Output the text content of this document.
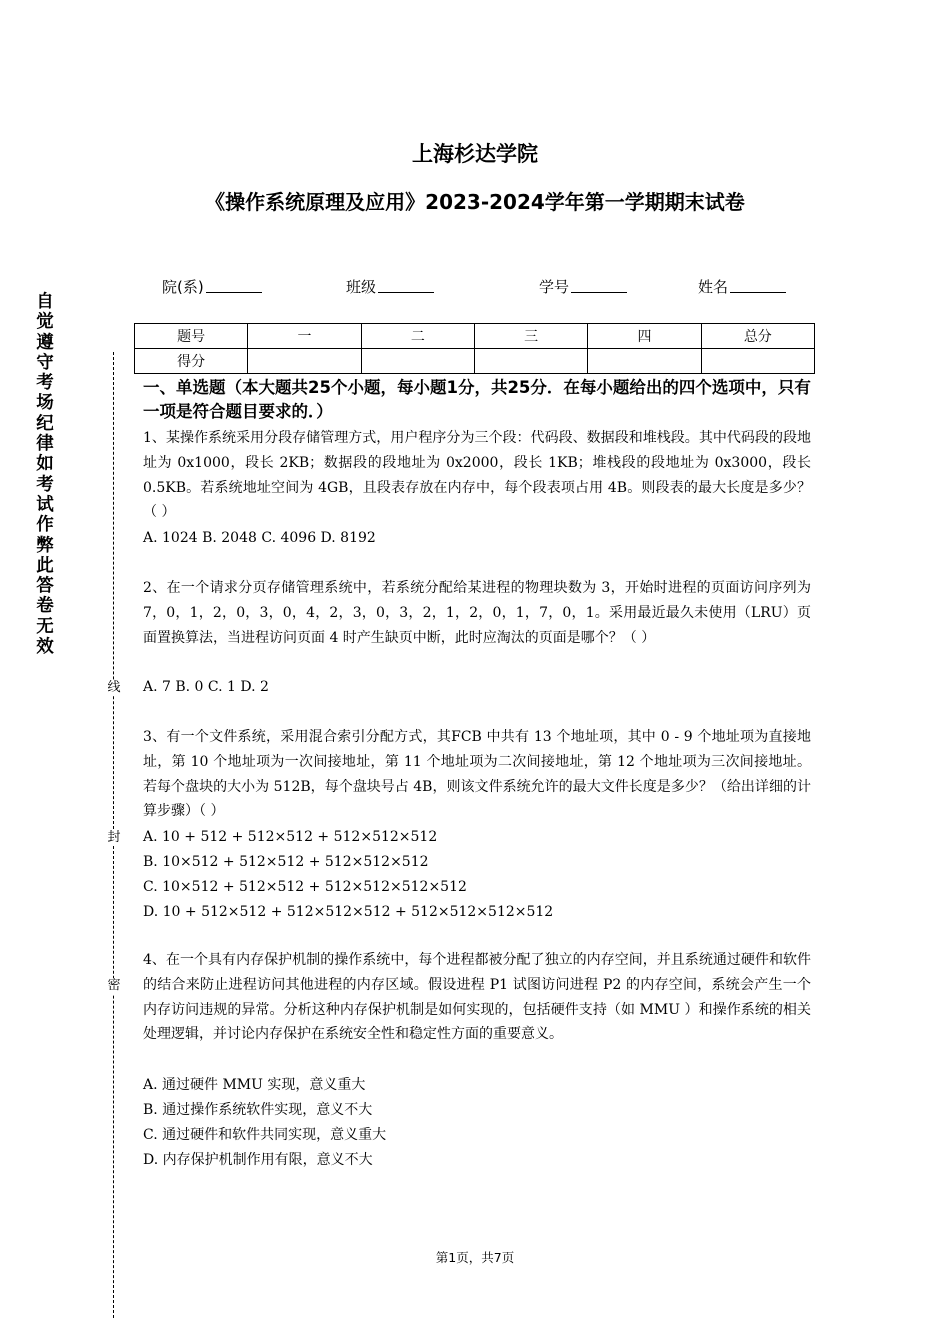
上海杉达学院
《操作系统原理及应用》2023-2024学年第一学期期末试卷
院(系)	班级	学号	姓名
题号	一	二	三	四	总分
得分					
自觉遵守考场纪律如考试作弊此答卷无效
线
封
密
一、单选题（本大题共25个小题，每小题1分，共25分．在每小题给出的四个选项中，只有一项是符合题目要求的．）
1、某操作系统采用分段存储管理方式，用户程序分为三个段：代码段、数据段和堆栈段。其中代码段的段地址为 0x1000，段长 2KB；数据段的段地址为 0x2000，段长 1KB；堆栈段的段地址为 0x3000，段长 0.5KB。若系统地址空间为 4GB，且段表存放在内存中，每个段表项占用 4B。则段表的最大长度是多少？（ ）
A. 1024 B. 2048 C. 4096 D. 8192
2、在一个请求分页存储管理系统中，若系统分配给某进程的物理块数为 3，开始时进程的页面访问序列为 7，0，1，2，0，3，0，4，2，3，0，3，2，1，2，0，1，7，0，1。采用最近最久未使用（LRU）页面置换算法，当进程访问页面 4 时产生缺页中断，此时应淘汰的页面是哪个？（ ）
A. 7 B. 0 C. 1 D. 2
3、有一个文件系统，采用混合索引分配方式，其FCB 中共有 13 个地址项，其中 0 - 9 个地址项为直接地址，第 10 个地址项为一次间接地址，第 11 个地址项为二次间接地址，第 12 个地址项为三次间接地址。若每个盘块的大小为 512B，每个盘块号占 4B，则该文件系统允许的最大文件长度是多少？（给出详细的计算步骤）（ ）
A. 10 + 512 + 512×512 + 512×512×512
B. 10×512 + 512×512 + 512×512×512
C. 10×512 + 512×512 + 512×512×512×512
D. 10 + 512×512 + 512×512×512 + 512×512×512×512
4、在一个具有内存保护机制的操作系统中，每个进程都被分配了独立的内存空间，并且系统通过硬件和软件的结合来防止进程访问其他进程的内存区域。假设进程 P1 试图访问进程 P2 的内存空间，系统会产生一个内存访问违规的异常。分析这种内存保护机制是如何实现的，包括硬件支持（如 MMU ）和操作系统的相关处理逻辑，并讨论内存保护在系统安全性和稳定性方面的重要意义。
A. 通过硬件 MMU 实现，意义重大
B. 通过操作系统软件实现，意义不大
C. 通过硬件和软件共同实现，意义重大
D. 内存保护机制作用有限，意义不大
第1页，共7页
